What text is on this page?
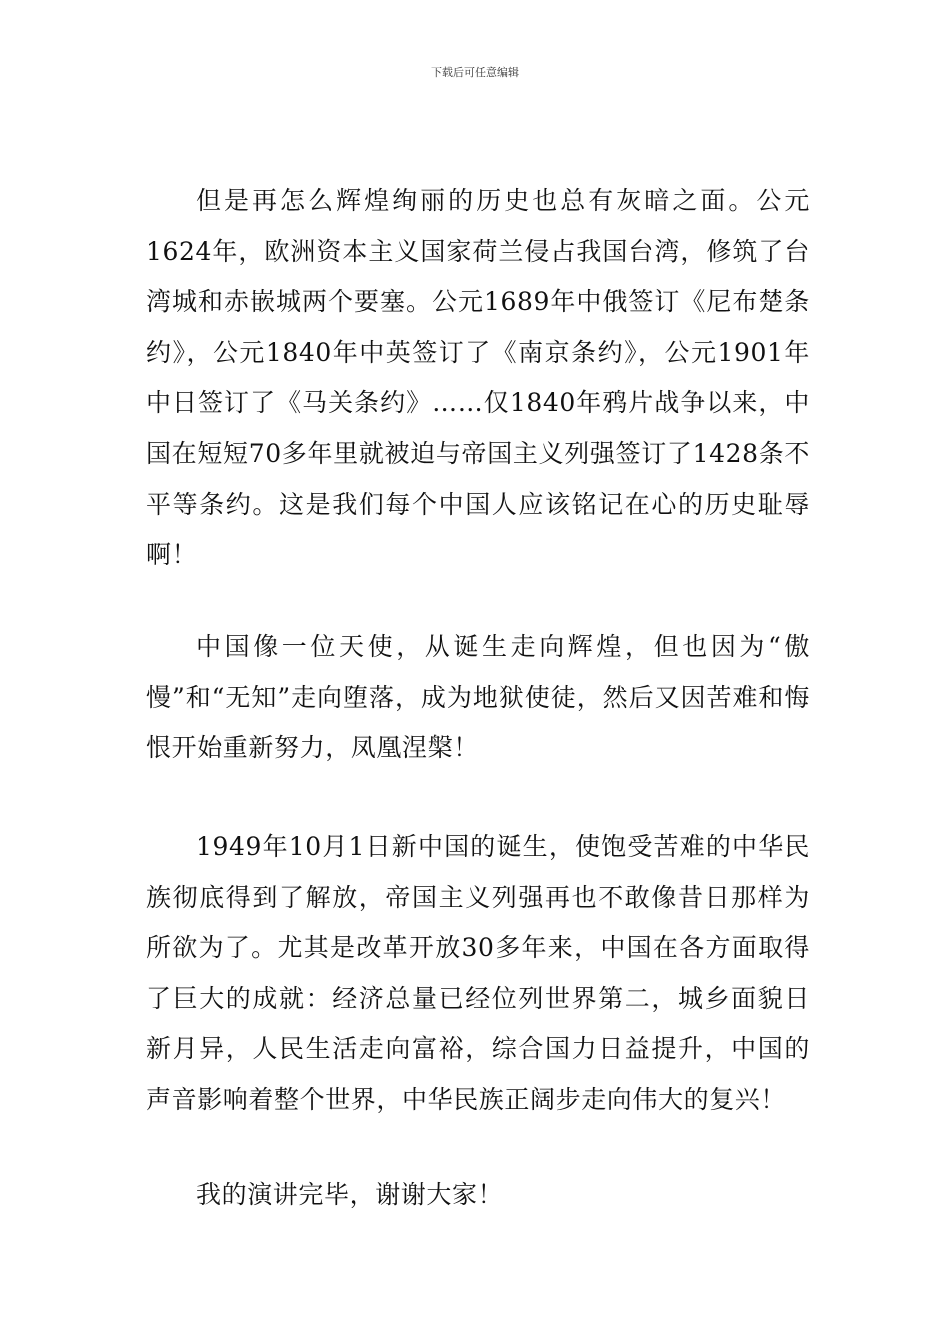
下载后可任意编辑

但是再怎么辉煌绚丽的历史也总有灰暗之面。公元1624年，欧洲资本主义国家荷兰侵占我国台湾，修筑了台湾城和赤嵌城两个要塞。公元1689年中俄签订《尼布楚条约》，公元1840年中英签订了《南京条约》，公元1901年中日签订了《马关条约》……仅1840年鸦片战争以来，中国在短短70多年里就被迫与帝国主义列强签订了1428条不平等条约。这是我们每个中国人应该铭记在心的历史耻辱啊！

中国像一位天使，从诞生走向辉煌，但也因为“傲慢”和“无知”走向堕落，成为地狱使徒，然后又因苦难和悔恨开始重新努力，凤凰涅槃！

1949年10月1日新中国的诞生，使饱受苦难的中华民族彻底得到了解放，帝国主义列强再也不敢像昔日那样为所欲为了。尤其是改革开放30多年来，中国在各方面取得了巨大的成就：经济总量已经位列世界第二，城乡面貌日新月异，人民生活走向富裕，综合国力日益提升，中国的声音影响着整个世界，中华民族正阔步走向伟大的复兴！

我的演讲完毕，谢谢大家！
